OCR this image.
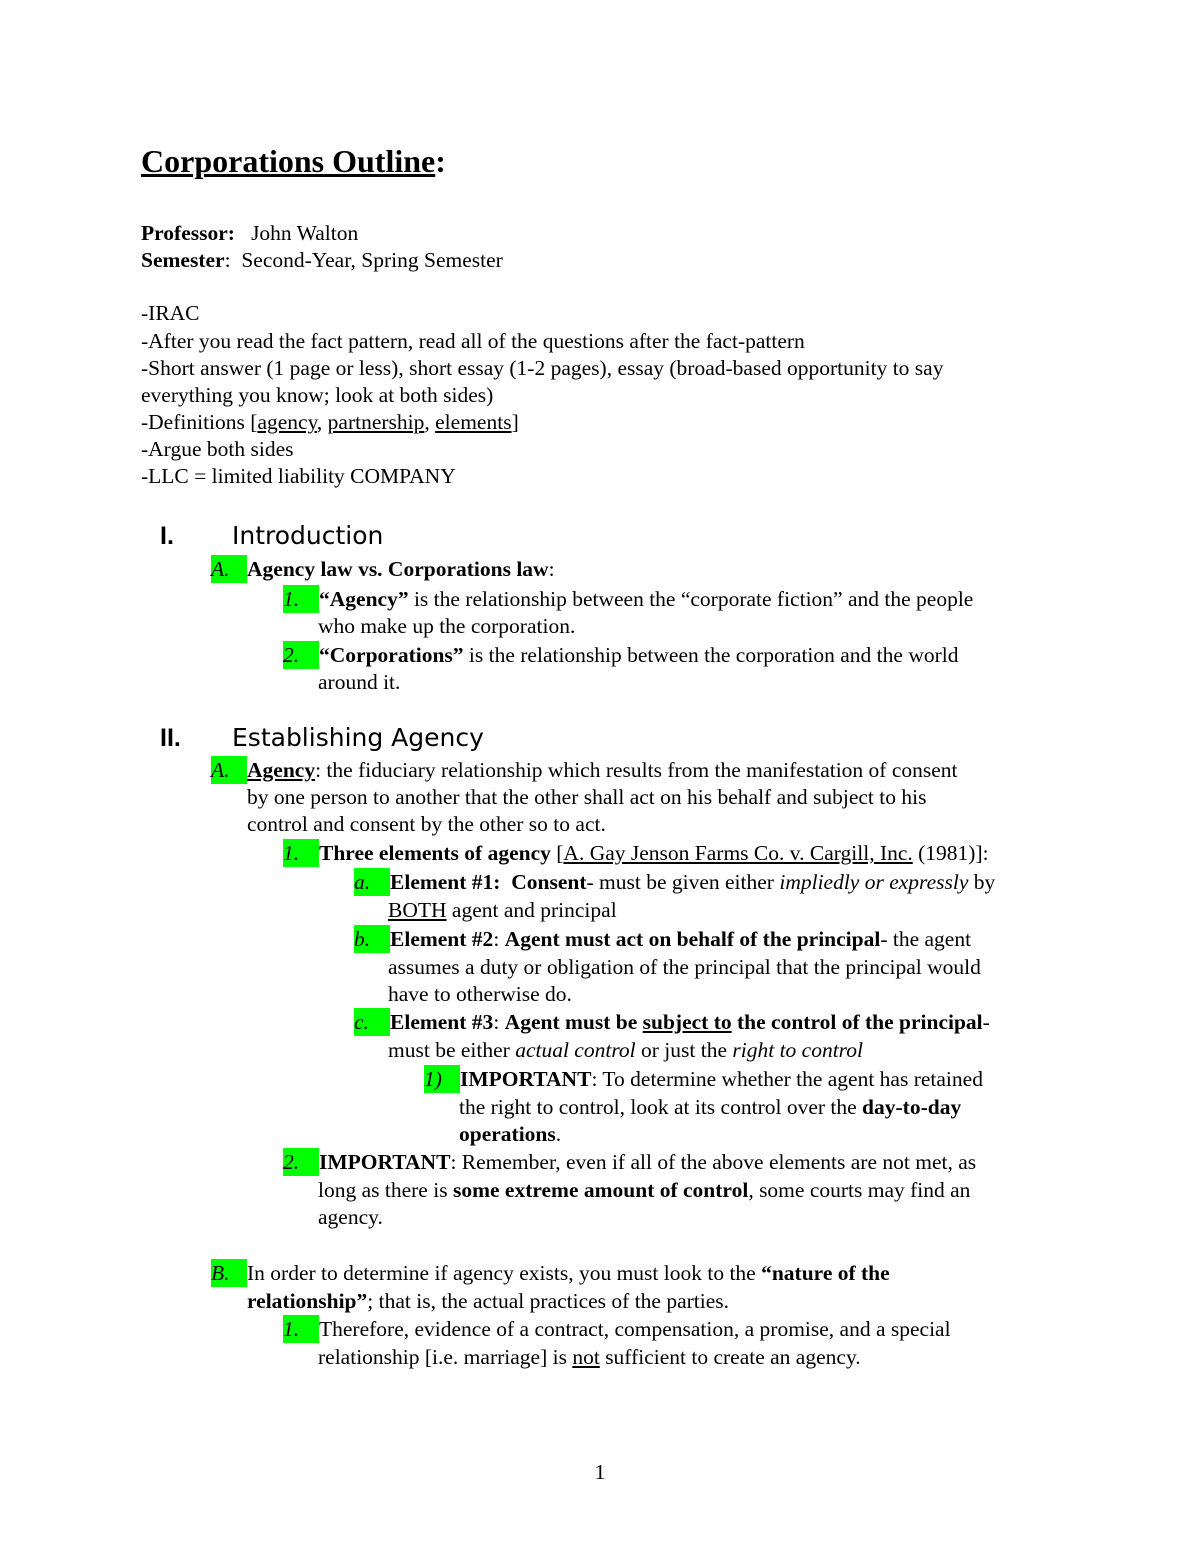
Corporations Outline:
Professor: John Walton
Semester: Second-Year, Spring Semester
-IRAC
-After you read the fact pattern, read all of the questions after the fact-pattern
-Short answer (1 page or less), short essay (1-2 pages), essay (broad-based opportunity to say
everything you know; look at both sides)
-Definitions [agency, partnership, elements]
-Argue both sides
-LLC = limited liability COMPANY
I. Introduction
A. Agency law vs. Corporations law:
1. “Agency” is the relationship between the “corporate fiction” and the people
who make up the corporation.
2. “Corporations” is the relationship between the corporation and the world
around it.
II. Establishing Agency
A. Agency: the fiduciary relationship which results from the manifestation of consent
by one person to another that the other shall act on his behalf and subject to his
control and consent by the other so to act.
1. Three elements of agency [A. Gay Jenson Farms Co. v. Cargill, Inc. (1981)]:
a. Element #1: Consent- must be given either impliedly or expressly by
BOTH agent and principal
b. Element #2: Agent must act on behalf of the principal- the agent
assumes a duty or obligation of the principal that the principal would
have to otherwise do.
c. Element #3: Agent must be subject to the control of the principal-
must be either actual control or just the right to control
1) IMPORTANT: To determine whether the agent has retained
the right to control, look at its control over the day-to-day
operations.
2. IMPORTANT: Remember, even if all of the above elements are not met, as
long as there is some extreme amount of control, some courts may find an
agency.
B. In order to determine if agency exists, you must look to the “nature of the
relationship”; that is, the actual practices of the parties.
1. Therefore, evidence of a contract, compensation, a promise, and a special
relationship [i.e. marriage] is not sufficient to create an agency.
1
